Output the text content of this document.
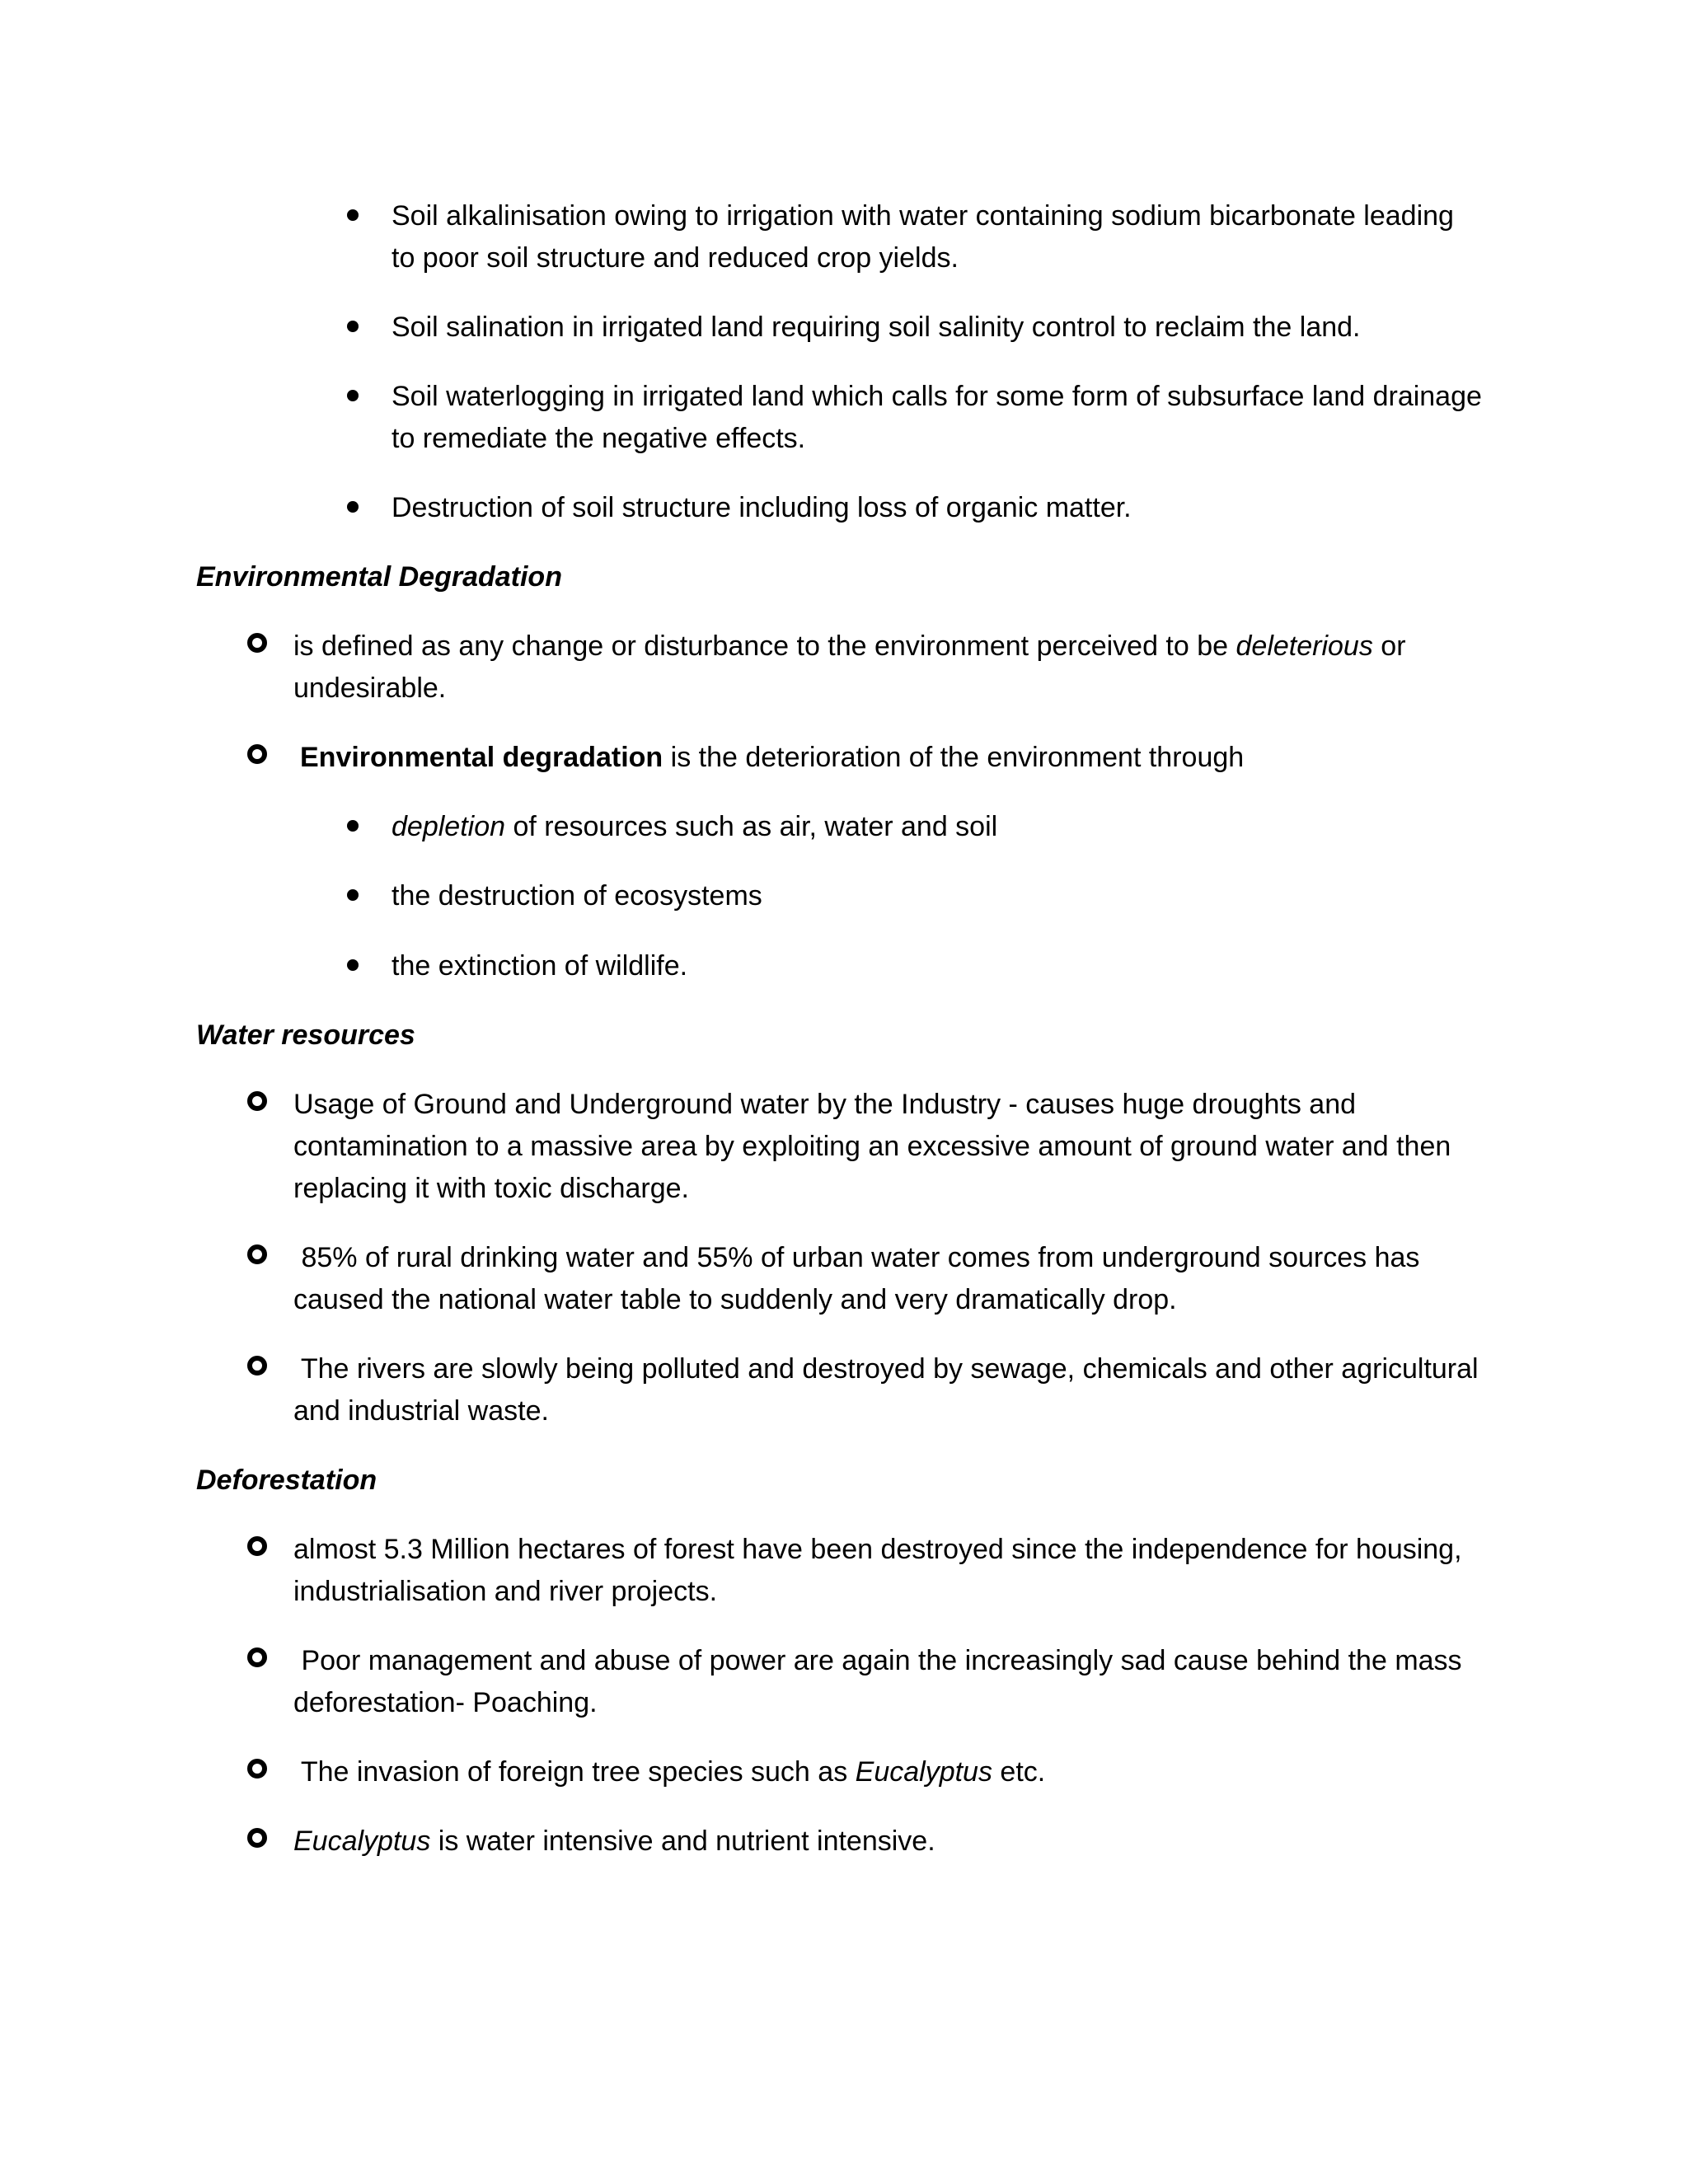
Soil alkalinisation owing to irrigation with water containing sodium bicarbonate leading
to poor soil structure and reduced crop yields.
Soil salination in irrigated land requiring soil salinity control to reclaim the land.
Soil waterlogging in irrigated land which calls for some form of subsurface land drainage
to remediate the negative effects.
Destruction of soil structure including loss of organic matter.
Environmental Degradation
is defined as any change or disturbance to the environment perceived to be deleterious or
undesirable.
Environmental degradation is the deterioration of the environment through
depletion of resources such as air, water and soil
the destruction of ecosystems
the extinction of wildlife.
Water resources
Usage of Ground and Underground water by the Industry - causes huge droughts and
contamination to a massive area by exploiting an excessive amount of ground water and then
replacing it with toxic discharge.
85% of rural drinking water and 55% of urban water comes from underground sources has
caused the national water table to suddenly and very dramatically drop.
The rivers are slowly being polluted and destroyed by sewage, chemicals and other agricultural
and industrial waste.
Deforestation
almost 5.3 Million hectares of forest have been destroyed since the independence for housing,
industrialisation and river projects.
Poor management and abuse of power are again the increasingly sad cause behind the mass
deforestation- Poaching.
The invasion of foreign tree species such as Eucalyptus etc.
Eucalyptus is water intensive and nutrient intensive.
